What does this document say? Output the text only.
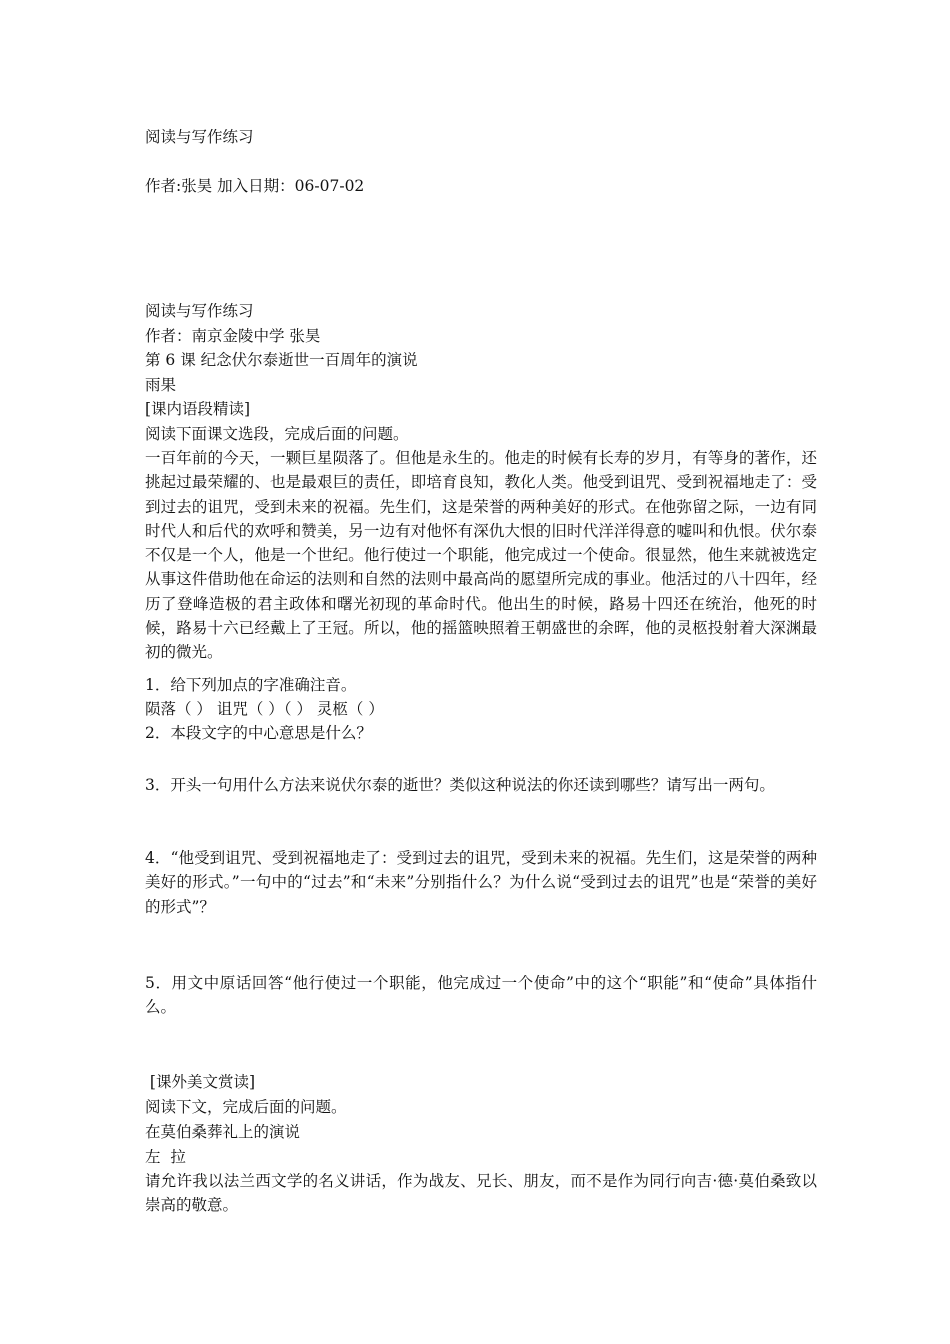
阅读与写作练习
作者:张昊 加入日期：06-07-02
阅读与写作练习
作者：南京金陵中学 张昊
第 6 课 纪念伏尔泰逝世一百周年的演说
雨果
[课内语段精读]
阅读下面课文选段，完成后面的问题。
一百年前的今天，一颗巨星陨落了。但他是永生的。他走的时候有长寿的岁月，有等身的著作，还挑起过最荣耀的、也是最艰巨的责任，即培育良知，教化人类。他受到诅咒、受到祝福地走了：受到过去的诅咒，受到未来的祝福。先生们，这是荣誉的两种美好的形式。在他弥留之际，一边有同时代人和后代的欢呼和赞美，另一边有对他怀有深仇大恨的旧时代洋洋得意的嘘叫和仇恨。伏尔泰不仅是一个人，他是一个世纪。他行使过一个职能，他完成过一个使命。很显然，他生来就被选定从事这件借助他在命运的法则和自然的法则中最高尚的愿望所完成的事业。他活过的八十四年，经历了登峰造极的君主政体和曙光初现的革命时代。他出生的时候，路易十四还在统治，他死的时候，路易十六已经戴上了王冠。所以，他的摇篮映照着王朝盛世的余晖，他的灵柩投射着大深渊最初的微光。
1．给下列加点的字准确注音。
陨落（ ） 诅咒（ ）（ ） 灵柩（ ）
2．本段文字的中心意思是什么？
3．开头一句用什么方法来说伏尔泰的逝世？类似这种说法的你还读到哪些？请写出一两句。
4．“他受到诅咒、受到祝福地走了：受到过去的诅咒，受到未来的祝福。先生们，这是荣誉的两种美好的形式。”一句中的“过去”和“未来”分别指什么？为什么说“受到过去的诅咒”也是“荣誉的美好的形式”？
5．用文中原话回答“他行使过一个职能，他完成过一个使命”中的这个“职能”和“使命”具体指什么。
[课外美文赏读]
阅读下文，完成后面的问题。
在莫伯桑葬礼上的演说
左  拉
请允许我以法兰西文学的名义讲话，作为战友、兄长、朋友，而不是作为同行向吉·德·莫伯桑致以崇高的敬意。
